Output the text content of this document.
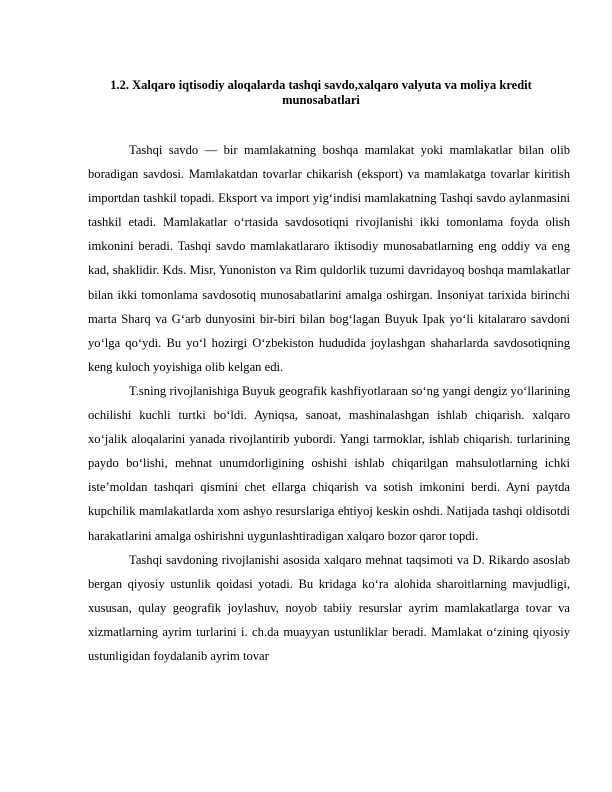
1.2. Xalqaro iqtisodiy aloqalarda tashqi savdo,xalqaro valyuta va moliya kredit munosabatlari

Tashqi savdo — bir mamlakatning boshqa mamlakat yoki mamlakatlar bilan olib boradigan savdosi. Mamlakatdan tovarlar chikarish (eksport) va mamlakatga tovarlar kiritish importdan tashkil topadi. Eksport va import yig‘indisi mamlakatning Tashqi savdo aylanmasini tashkil etadi. Mamlakatlar o‘rtasida savdosotiqni rivojlanishi ikki tomonlama foyda olish imkonini beradi. Tashqi savdo mamlakatlararo iktisodiy munosabatlarning eng oddiy va eng kad, shaklidir. Kds. Misr, Yunoniston va Rim quldorlik tuzumi davridayoq boshqa mamlakatlar bilan ikki tomonlama savdosotiq munosabatlarini amalga oshirgan. Insoniyat tarixida birinchi marta Sharq va G‘arb dunyosini bir-biri bilan bog‘lagan Buyuk Ipak yo‘li kitalararo savdoni yo‘lga qo‘ydi. Bu yo‘l hozirgi O‘zbekiston hududida joylashgan shaharlarda savdosotiqning keng kuloch yoyishiga olib kelgan edi.

T.sning rivojlanishiga Buyuk geografik kashfiyotlaraan so‘ng yangi dengiz yo‘llarining ochilishi kuchli turtki bo‘ldi. Ayniqsa, sanoat, mashinalashgan ishlab chiqarish. xalqaro xo‘jalik aloqalarini yanada rivojlantirib yubordi. Yangi tarmoklar, ishlab chiqarish. turlarining paydo bo‘lishi, mehnat unumdorligining oshishi ishlab chiqarilgan mahsulotlarning ichki iste’moldan tashqari qismini chet ellarga chiqarish va sotish imkonini berdi. Ayni paytda kupchilik mamlakatlarda xom ashyo resurslariga ehtiyoj keskin oshdi. Natijada tashqi oldisotdi harakatlarini amalga oshirishni uygunlashtiradigan xalqaro bozor qaror topdi.

Tashqi savdoning rivojlanishi asosida xalqaro mehnat taqsimoti va D. Rikardo asoslab bergan qiyosiy ustunlik qoidasi yotadi. Bu kridaga ko‘ra alohida sharoitlarning mavjudligi, xususan, qulay geografik joylashuv, noyob tabiiy resurslar ayrim mamlakatlarga tovar va xizmatlarning ayrim turlarini i. ch.da muayyan ustunliklar beradi. Mamlakat o‘zining qiyosiy ustunligidan foydalanib ayrim tovar
